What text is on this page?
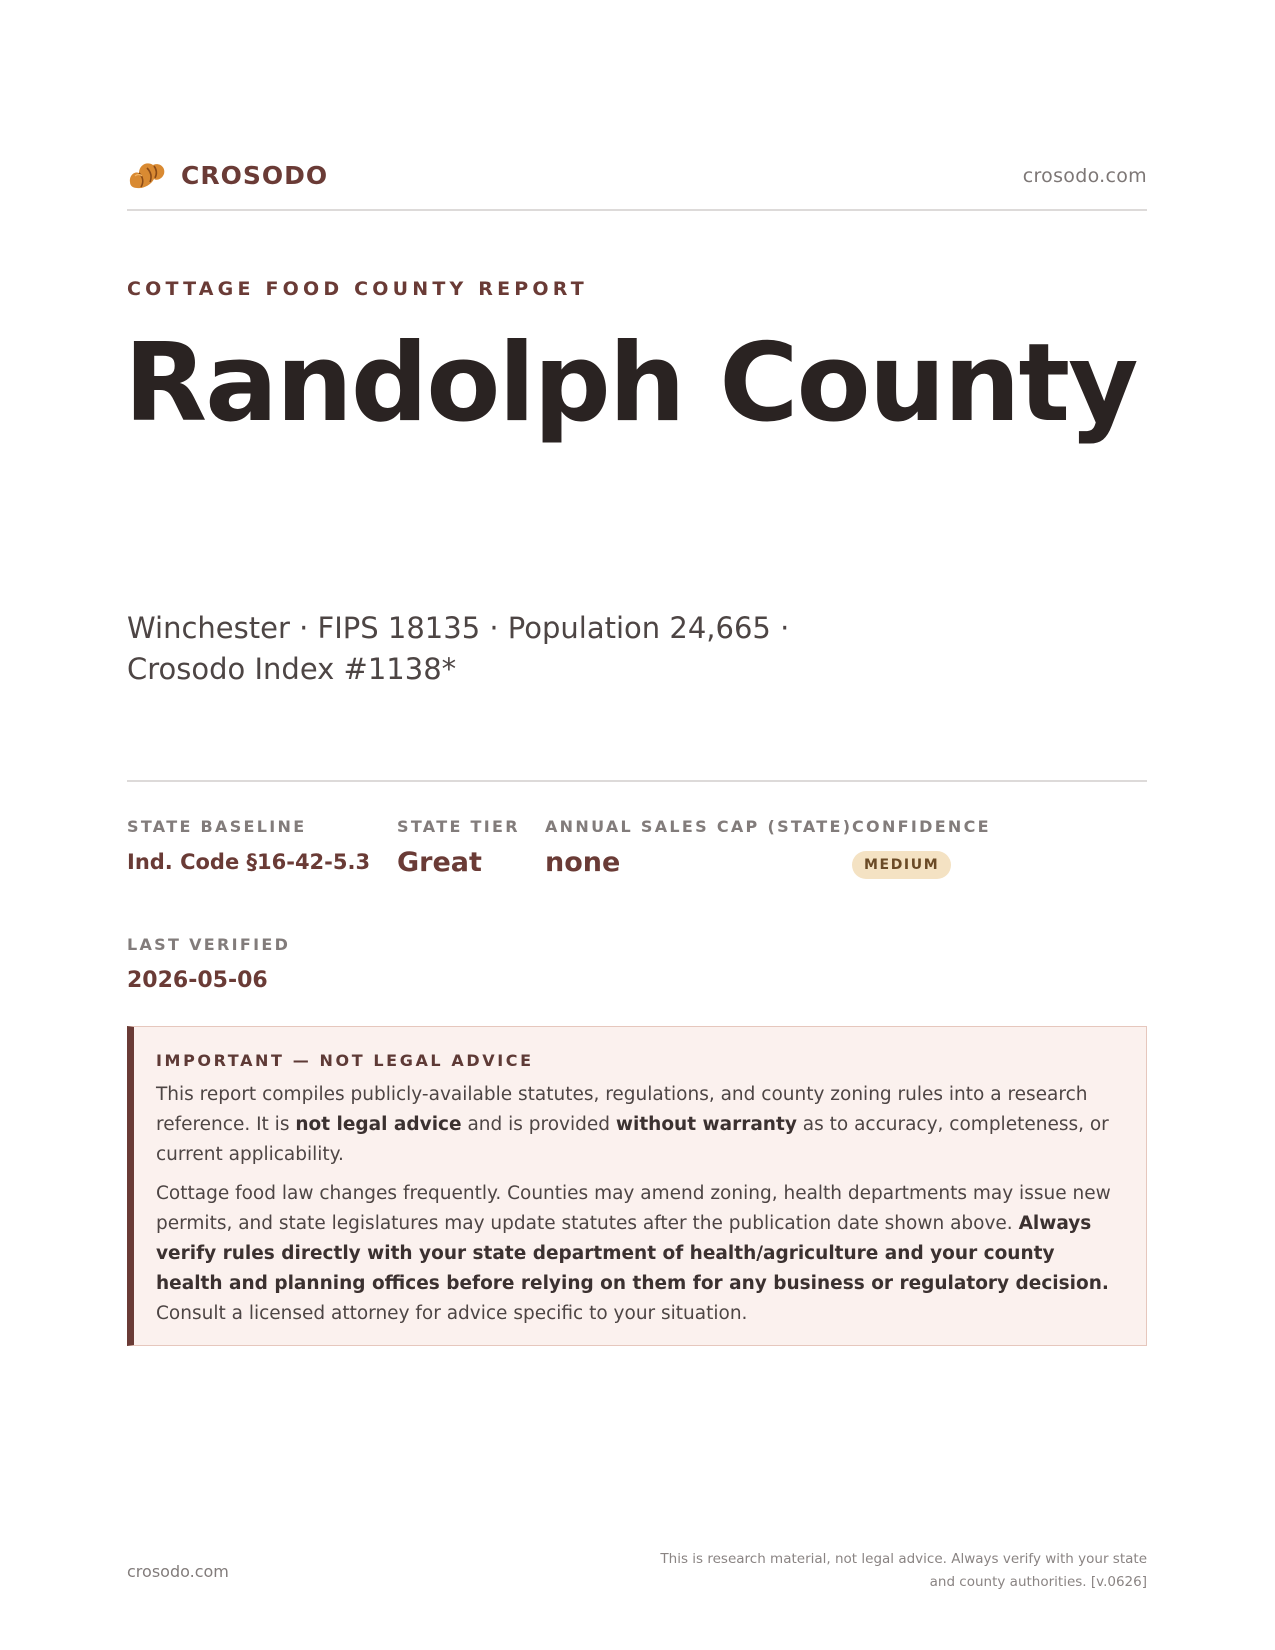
CROSODO	crosodo.com
COTTAGE FOOD COUNTY REPORT
Randolph County
Winchester · FIPS 18135 · Population 24,665 · Crosodo Index #1138*
STATE BASELINE
Ind. Code §16-42-5.3
STATE TIER
Great
ANNUAL SALES CAP (STATE)
none
CONFIDENCE
MEDIUM
LAST VERIFIED
2026-05-06
IMPORTANT — NOT LEGAL ADVICE

This report compiles publicly-available statutes, regulations, and county zoning rules into a research reference. It is not legal advice and is provided without warranty as to accuracy, completeness, or current applicability.

Cottage food law changes frequently. Counties may amend zoning, health departments may issue new permits, and state legislatures may update statutes after the publication date shown above. Always verify rules directly with your state department of health/agriculture and your county health and planning offices before relying on them for any business or regulatory decision. Consult a licensed attorney for advice specific to your situation.

crosodo.com
This is research material, not legal advice. Always verify with your state
and county authorities. [v.0626]
